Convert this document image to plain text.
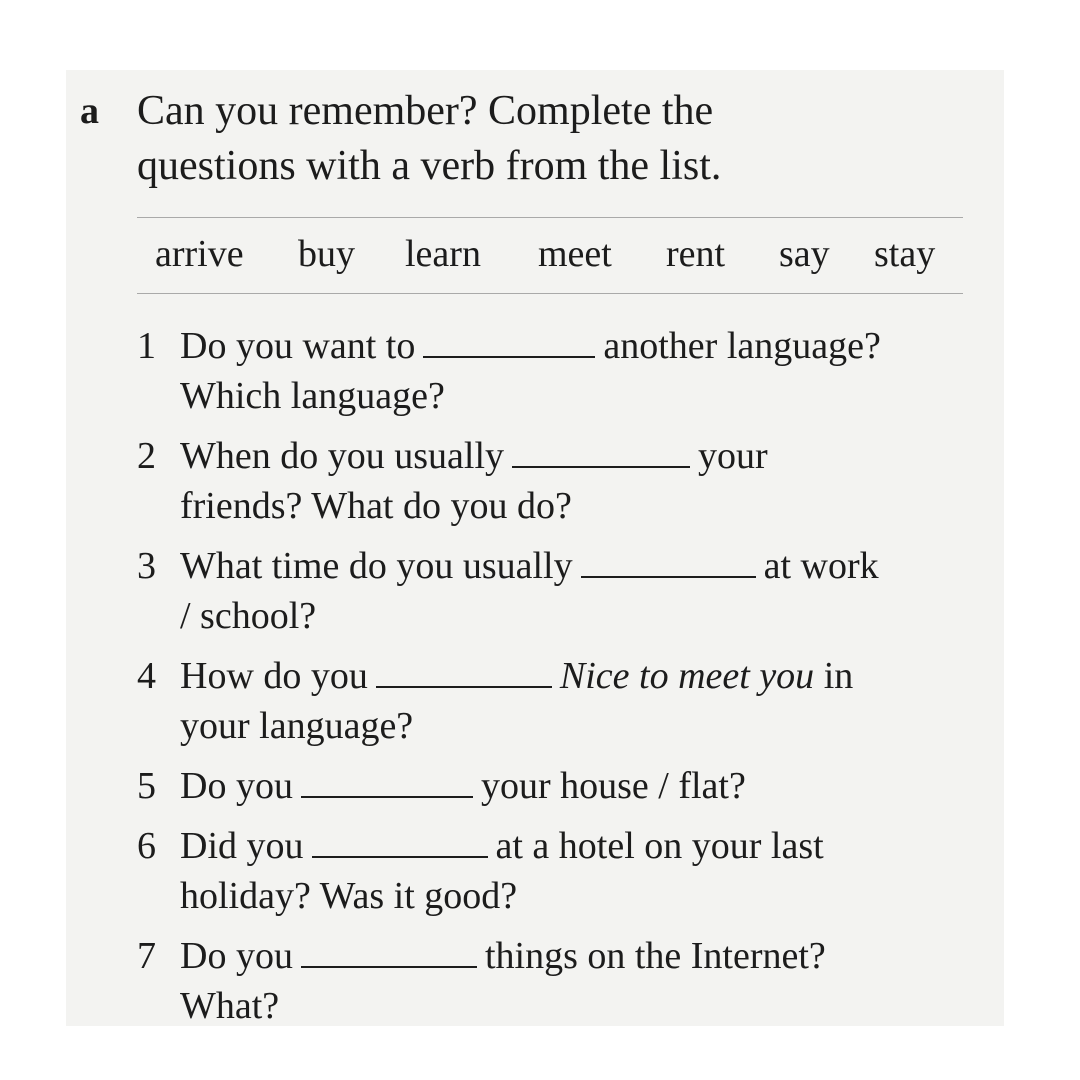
a Can you remember? Complete the
questions with a verb from the list.
arrive buy learn meet rent say stay
1 Do you want to	another language?
Which language?
2 When do you usually	your
friends? What do you do?
3 What time do you usually	at work
/ school?
4 How do you	Nice to meet you in
your language?
5 Do you	your house / flat?
6 Did you	at a hotel on your last
holiday? Was it good?
7 Do you	things on the Internet?
What?
